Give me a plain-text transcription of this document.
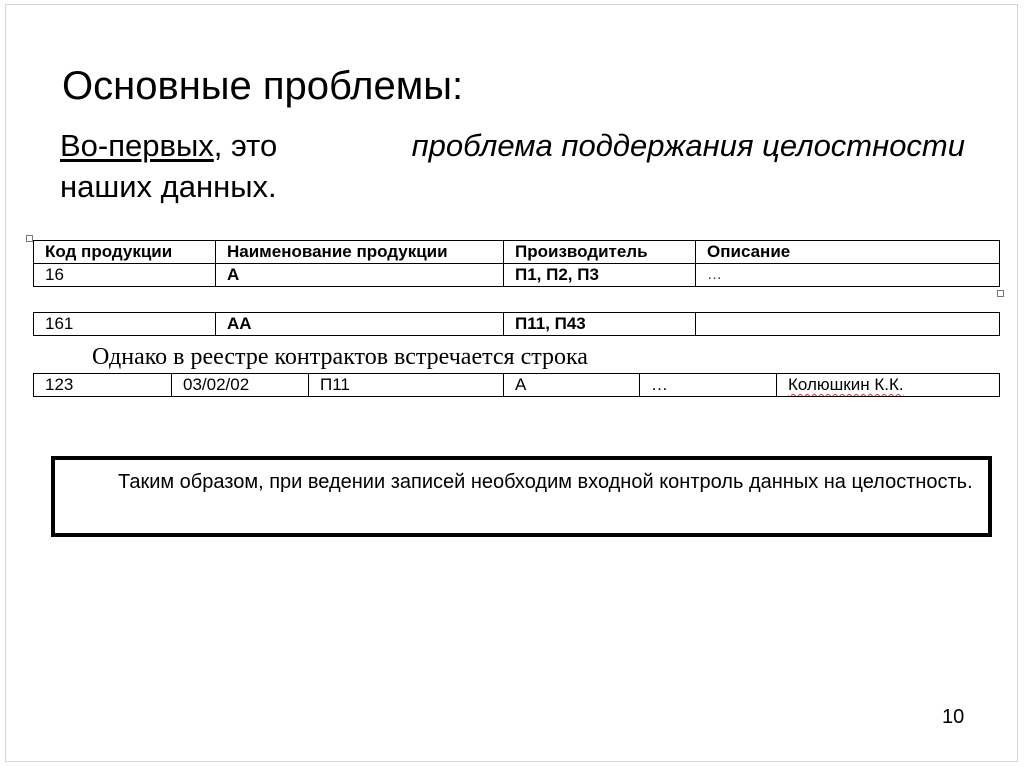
Основные проблемы:
Во-первых, это	проблема поддержания целостности
наших данных.
Код продукции	Наименование продукции	Производитель	Описание
16	А	П1, П2, П3	…
161	АА	П11, П43	
Однако в реестре контрактов встречается строка
123	03/02/02	П11	А	…	Колюшкин К.К.
Таким образом, при ведении записей необходим входной контроль данных на целостность.
10
